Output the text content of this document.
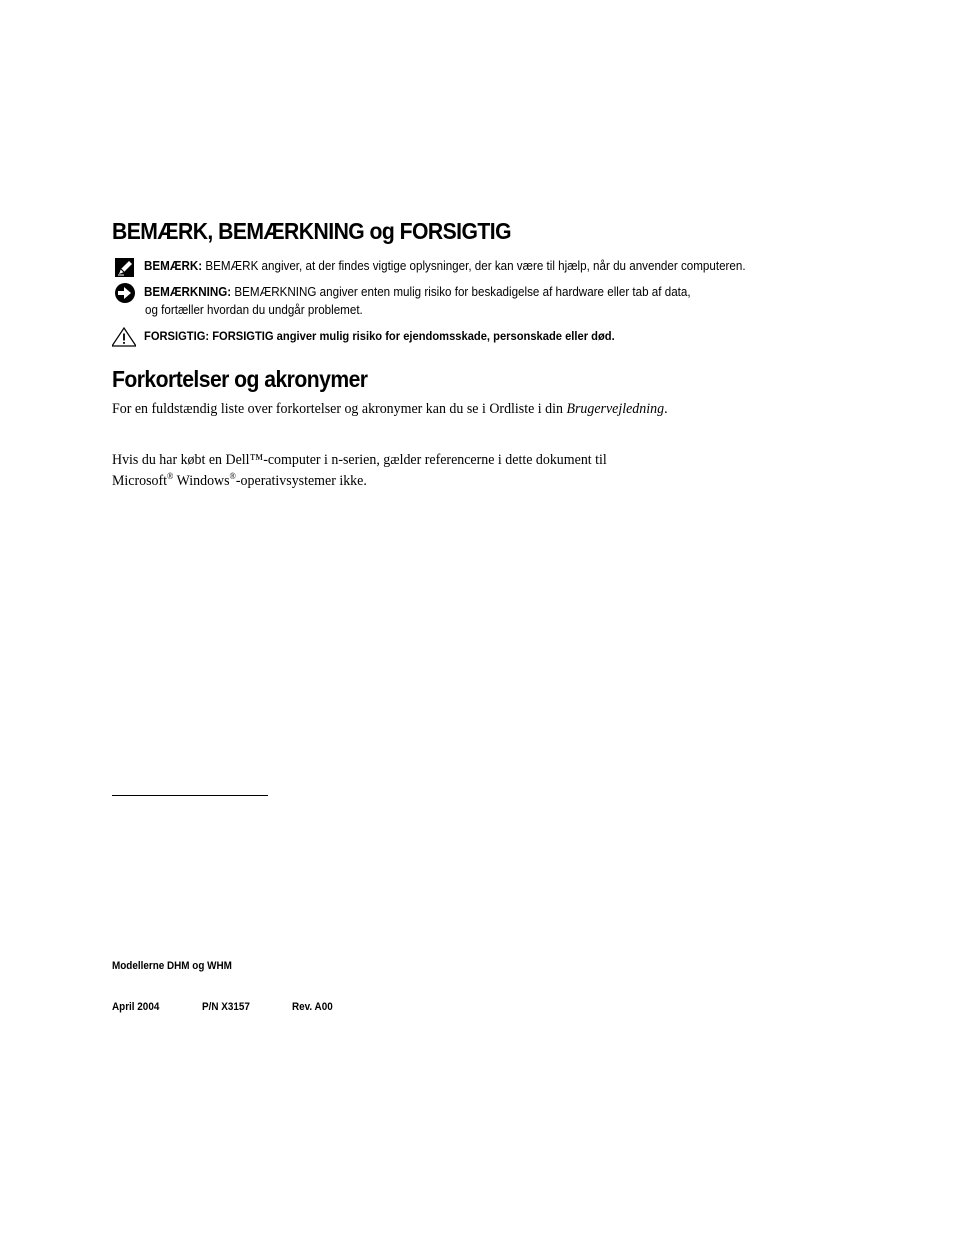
BEMÆRK, BEMÆRKNING og FORSIGTIG
BEMÆRK: BEMÆRK angiver, at der findes vigtige oplysninger, der kan være til hjælp, når du anvender computeren.
BEMÆRKNING: BEMÆRKNING angiver enten mulig risiko for beskadigelse af hardware eller tab af data,
og fortæller hvordan du undgår problemet.
FORSIGTIG: FORSIGTIG angiver mulig risiko for ejendomsskade, personskade eller død.
Forkortelser og akronymer
For en fuldstændig liste over forkortelser og akronymer kan du se i Ordliste i din Brugervejledning.
Hvis du har købt en Dell™-computer i n-serien, gælder referencerne i dette dokument til
Microsoft® Windows®-operativsystemer ikke.
Modellerne DHM og WHM
April 2004	P/N X3157	Rev. A00
